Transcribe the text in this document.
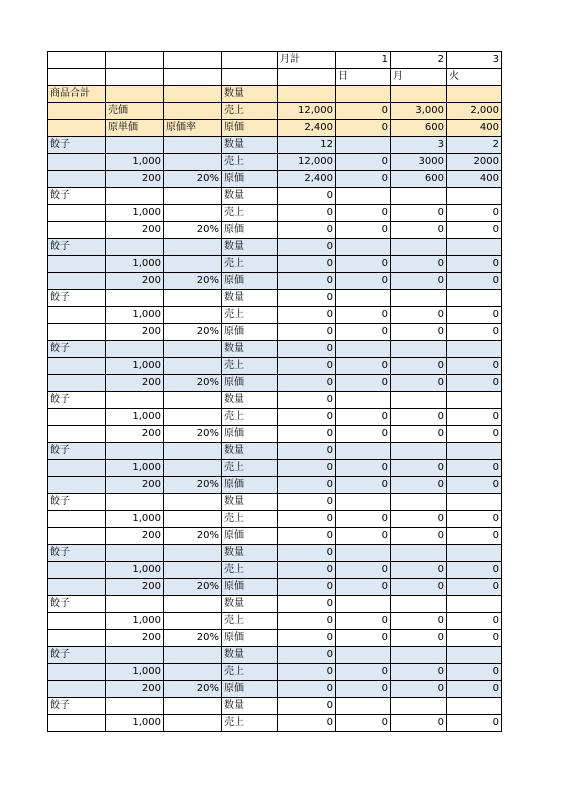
				月計	1	2	3
					日	月	火
商品合計			数量				
	売価		売上	12,000	0	3,000	2,000
	原単価	原価率	原価	2,400	0	600	400
餃子			数量	12		3	2
	1,000		売上	12,000	0	3000	2000
	200	20%	原価	2,400	0	600	400
餃子			数量	0			
	1,000		売上	0	0	0	0
	200	20%	原価	0	0	0	0
餃子			数量	0			
	1,000		売上	0	0	0	0
	200	20%	原価	0	0	0	0
餃子			数量	0			
	1,000		売上	0	0	0	0
	200	20%	原価	0	0	0	0
餃子			数量	0			
	1,000		売上	0	0	0	0
	200	20%	原価	0	0	0	0
餃子			数量	0			
	1,000		売上	0	0	0	0
	200	20%	原価	0	0	0	0
餃子			数量	0			
	1,000		売上	0	0	0	0
	200	20%	原価	0	0	0	0
餃子			数量	0			
	1,000		売上	0	0	0	0
	200	20%	原価	0	0	0	0
餃子			数量	0			
	1,000		売上	0	0	0	0
	200	20%	原価	0	0	0	0
餃子			数量	0			
	1,000		売上	0	0	0	0
	200	20%	原価	0	0	0	0
餃子			数量	0			
	1,000		売上	0	0	0	0
	200	20%	原価	0	0	0	0
餃子			数量	0			
	1,000		売上	0	0	0	0
